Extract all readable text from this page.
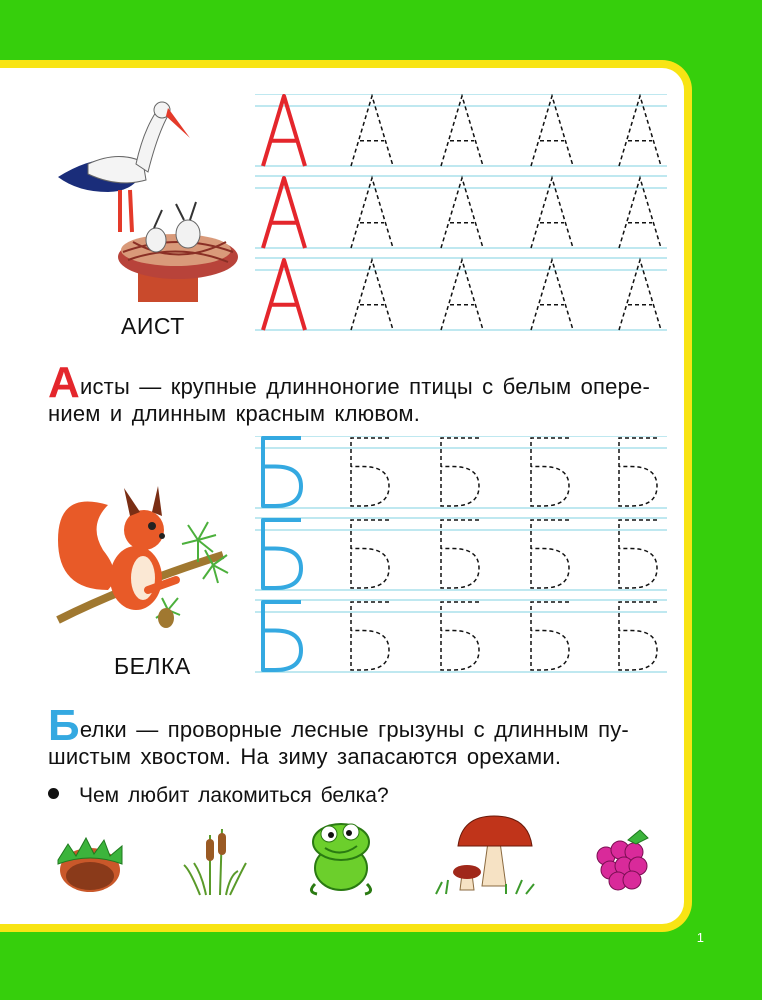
АИСТ
Аисты — крупные длинноногие птицы с белым опере-
нием и длинным красным клювом.
БЕЛКА
Белки — проворные лесные грызуны с длинным пу-
шистым хвостом. На зиму запасаются орехами.
Чем любит лакомиться белка?
1
